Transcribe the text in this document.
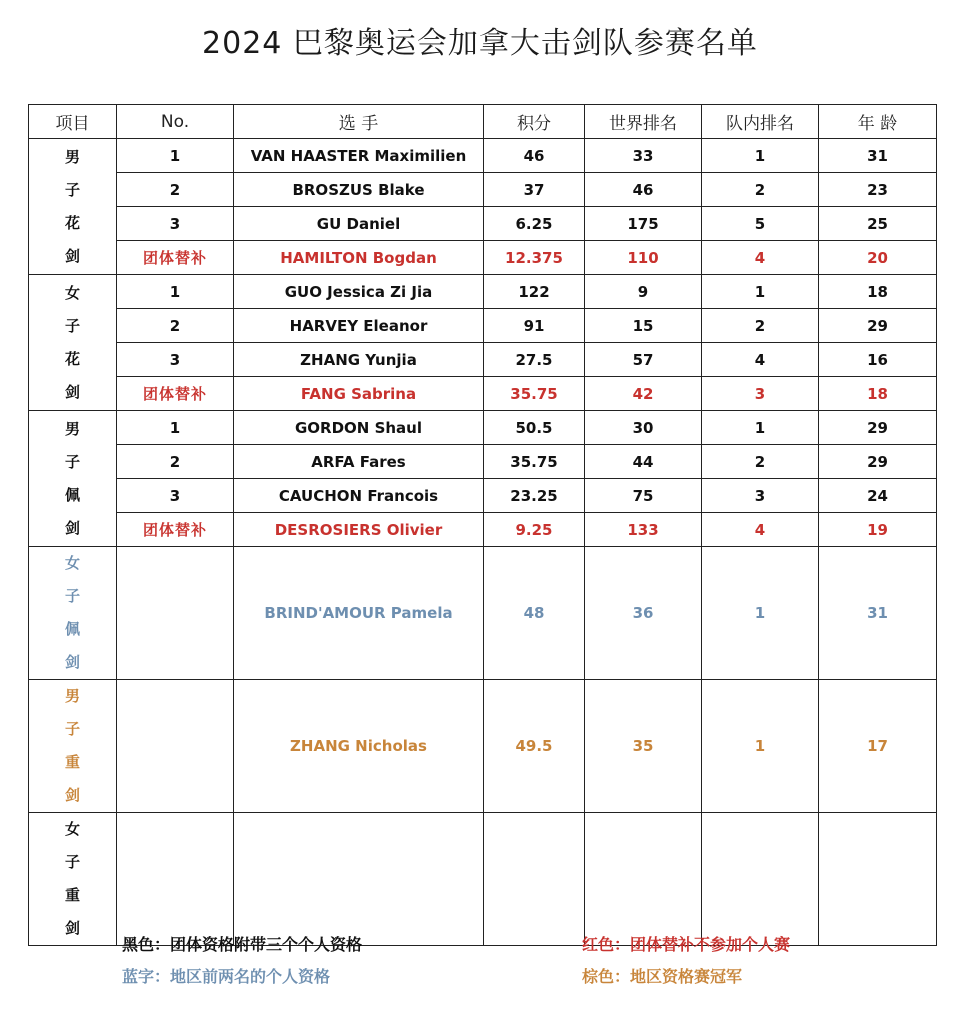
2024 巴黎奥运会加拿大击剑队参赛名单
项目	No.	选 手	积分	世界排名	队内排名	年 龄

男
子
花
剑	1	VAN HAASTER Maximilien	46	33	1	31
	2	BROSZUS Blake	37	46	2	23
	3	GU Daniel	6.25	175	5	25
	团体替补	HAMILTON Bogdan	12.375	110	4	20

女
子
花
剑	1	GUO Jessica Zi Jia	122	9	1	18
	2	HARVEY Eleanor	91	15	2	29
	3	ZHANG Yunjia	27.5	57	4	16
	团体替补	FANG Sabrina	35.75	42	3	18

男
子
佩
剑	1	GORDON Shaul	50.5	30	1	29
	2	ARFA Fares	35.75	44	2	29
	3	CAUCHON Francois	23.25	75	3	24
	团体替补	DESROSIERS Olivier	9.25	133	4	19

女
子
佩
剑		BRIND'AMOUR Pamela	48	36	1	31

男
子
重
剑		ZHANG Nicholas	49.5	35	1	17

女
子
重
剑						

黑色：团体资格附带三个个人资格	红色：团体替补不参加个人赛
蓝字：地区前两名的个人资格	棕色：地区资格赛冠军
